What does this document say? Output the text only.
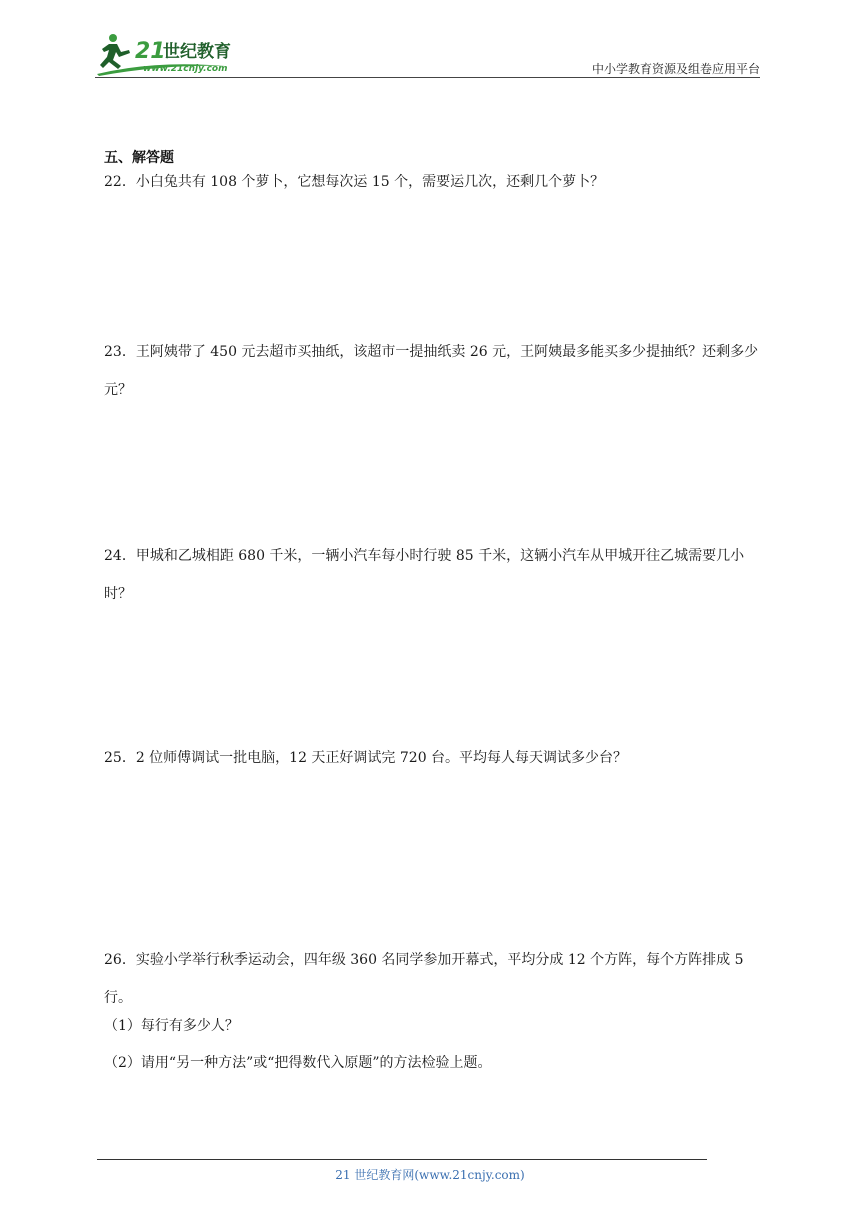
21
世纪教育
www.21cnjy.com	中小学教育资源及组卷应用平台
五、解答题
22．小白兔共有 108 个萝卜，它想每次运 15 个，需要运几次，还剩几个萝卜？
23．王阿姨带了 450 元去超市买抽纸，该超市一提抽纸卖 26 元，王阿姨最多能买多少提抽纸？还剩多少元？
24．甲城和乙城相距 680 千米，一辆小汽车每小时行驶 85 千米，这辆小汽车从甲城开往乙城需要几小时？
25．2 位师傅调试一批电脑，12 天正好调试完 720 台。平均每人每天调试多少台？
26．实验小学举行秋季运动会，四年级 360 名同学参加开幕式，平均分成 12 个方阵，每个方阵排成 5 行。
（1）每行有多少人？
（2）请用“另一种方法”或“把得数代入原题”的方法检验上题。
21 世纪教育网(www.21cnjy.com)
